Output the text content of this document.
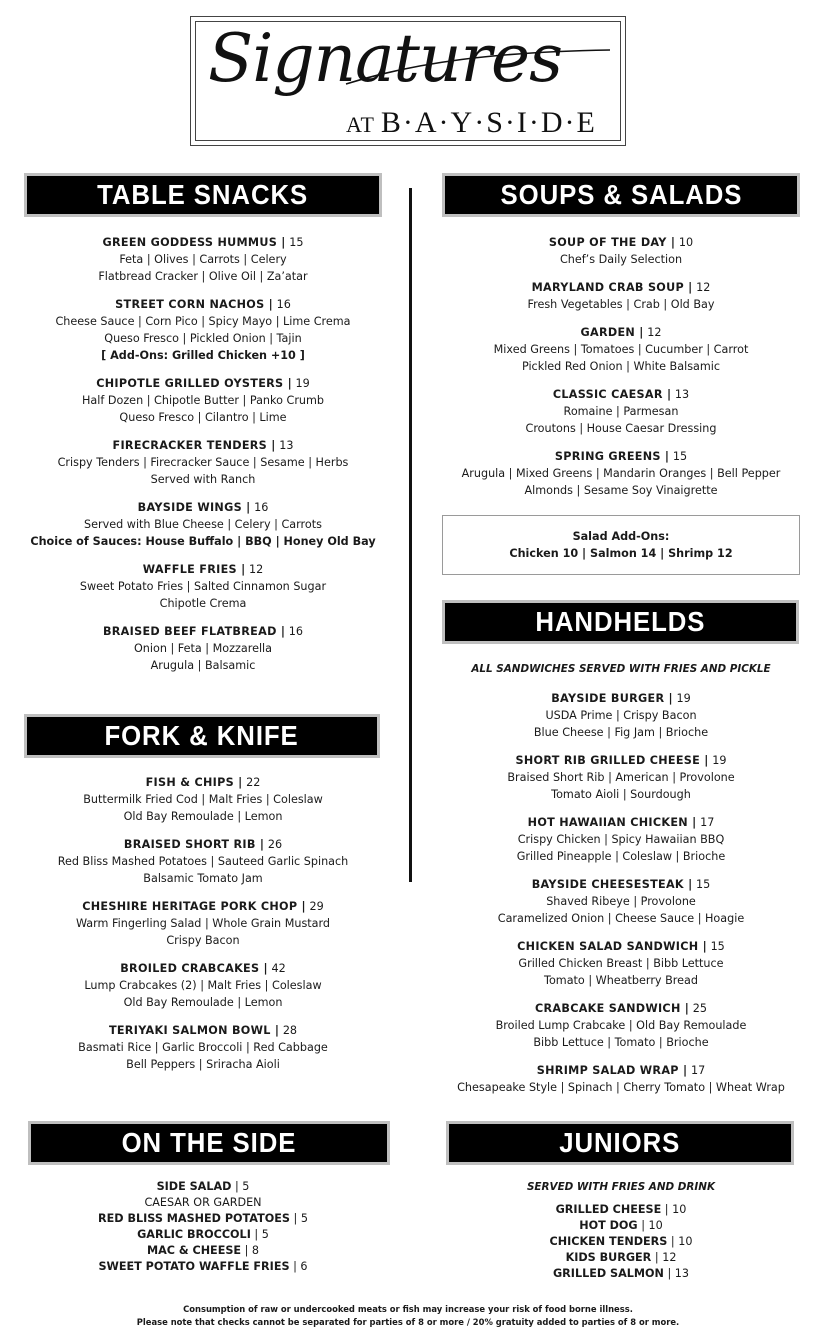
Signatures
AT B·A·Y·S·I·D·E
TABLE SNACKS
FORK & KNIFE
ON THE SIDE
SOUPS & SALADS
HANDHELDS
JUNIORS
GREEN GODDESS HUMMUS | 15
Feta | Olives | Carrots | Celery
Flatbread Cracker | Olive Oil | Za’atar
STREET CORN NACHOS | 16
Cheese Sauce | Corn Pico | Spicy Mayo | Lime Crema
Queso Fresco | Pickled Onion | Tajin
[ Add-Ons: Grilled Chicken +10 ]
CHIPOTLE GRILLED OYSTERS | 19
Half Dozen | Chipotle Butter | Panko Crumb
Queso Fresco | Cilantro | Lime
FIRECRACKER TENDERS | 13
Crispy Tenders | Firecracker Sauce | Sesame | Herbs
Served with Ranch
BAYSIDE WINGS | 16
Served with Blue Cheese | Celery | Carrots
Choice of Sauces: House Buffalo | BBQ | Honey Old Bay
WAFFLE FRIES | 12
Sweet Potato Fries | Salted Cinnamon Sugar
Chipotle Crema
BRAISED BEEF FLATBREAD | 16
Onion | Feta | Mozzarella
Arugula | Balsamic
FISH & CHIPS | 22
Buttermilk Fried Cod | Malt Fries | Coleslaw
Old Bay Remoulade | Lemon
BRAISED SHORT RIB | 26
Red Bliss Mashed Potatoes | Sauteed Garlic Spinach
Balsamic Tomato Jam
CHESHIRE HERITAGE PORK CHOP | 29
Warm Fingerling Salad | Whole Grain Mustard
Crispy Bacon
BROILED CRABCAKES | 42
Lump Crabcakes (2) | Malt Fries | Coleslaw
Old Bay Remoulade | Lemon
TERIYAKI SALMON BOWL | 28
Basmati Rice | Garlic Broccoli | Red Cabbage
Bell Peppers | Sriracha Aioli
SIDE SALAD | 5
CAESAR OR GARDEN
RED BLISS MASHED POTATOES | 5
GARLIC BROCCOLI | 5
MAC & CHEESE | 8
SWEET POTATO WAFFLE FRIES | 6
SOUP OF THE DAY | 10
Chef’s Daily Selection
MARYLAND CRAB SOUP | 12
Fresh Vegetables | Crab | Old Bay
GARDEN | 12
Mixed Greens | Tomatoes | Cucumber | Carrot
Pickled Red Onion | White Balsamic
CLASSIC CAESAR | 13
Romaine | Parmesan
Croutons | House Caesar Dressing
SPRING GREENS | 15
Arugula | Mixed Greens | Mandarin Oranges | Bell Pepper
Almonds | Sesame Soy Vinaigrette
Salad Add-Ons:
Chicken 10 | Salmon 14 | Shrimp 12
ALL SANDWICHES SERVED WITH FRIES AND PICKLE
BAYSIDE BURGER | 19
USDA Prime | Crispy Bacon
Blue Cheese | Fig Jam | Brioche
SHORT RIB GRILLED CHEESE | 19
Braised Short Rib | American | Provolone
Tomato Aioli | Sourdough
HOT HAWAIIAN CHICKEN | 17
Crispy Chicken | Spicy Hawaiian BBQ
Grilled Pineapple | Coleslaw | Brioche
BAYSIDE CHEESESTEAK | 15
Shaved Ribeye | Provolone
Caramelized Onion | Cheese Sauce | Hoagie
CHICKEN SALAD SANDWICH | 15
Grilled Chicken Breast | Bibb Lettuce
Tomato | Wheatberry Bread
CRABCAKE SANDWICH | 25
Broiled Lump Crabcake | Old Bay Remoulade
Bibb Lettuce | Tomato | Brioche
SHRIMP SALAD WRAP | 17
Chesapeake Style | Spinach | Cherry Tomato | Wheat Wrap
SERVED WITH FRIES AND DRINK
GRILLED CHEESE | 10
HOT DOG | 10
CHICKEN TENDERS | 10
KIDS BURGER | 12
GRILLED SALMON | 13
Consumption of raw or undercooked meats or fish may increase your risk of food borne illness.
Please note that checks cannot be separated for parties of 8 or more / 20% gratuity added to parties of 8 or more.
